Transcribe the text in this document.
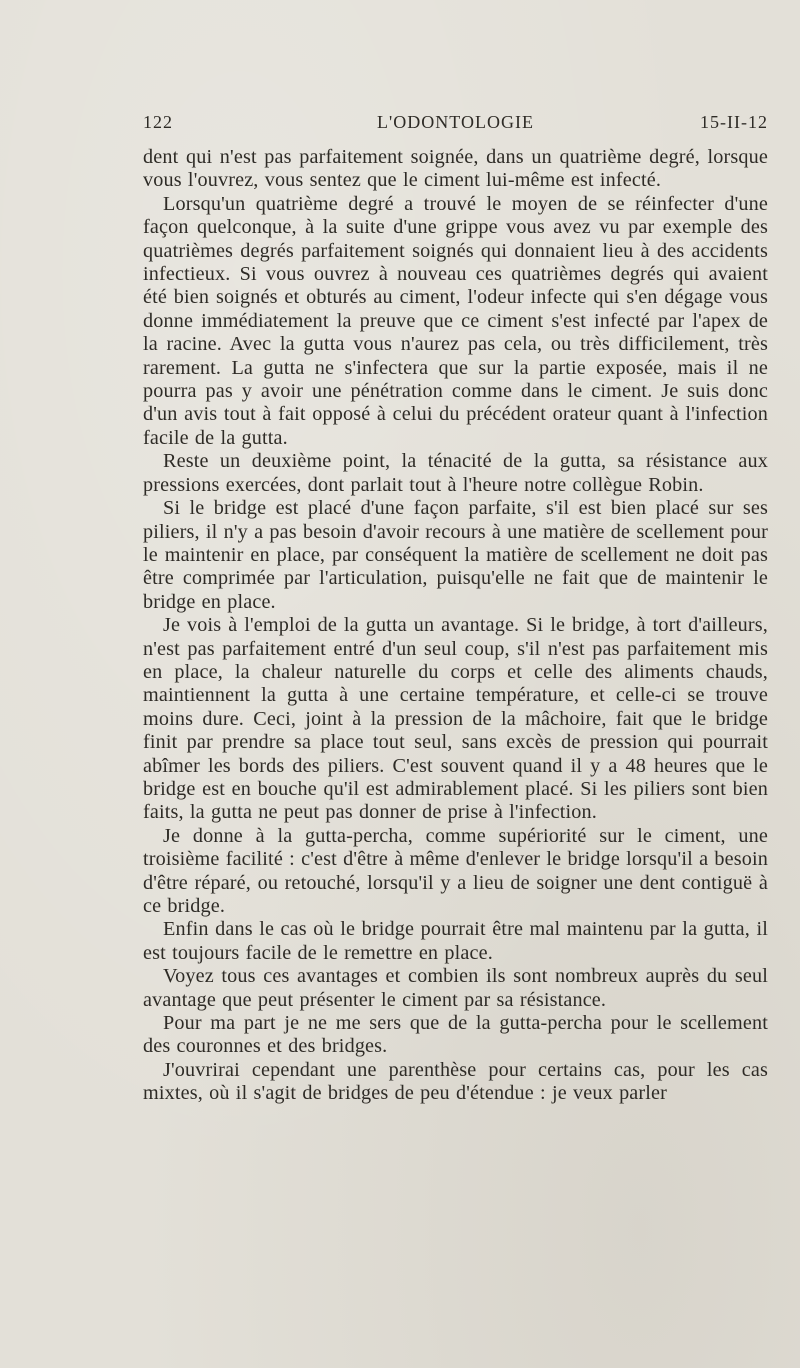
122	L'ODONTOLOGIE	15-II-12

dent qui n'est pas parfaitement soignée, dans un quatrième degré, lorsque vous l'ouvrez, vous sentez que le ciment lui-même est infecté.

Lorsqu'un quatrième degré a trouvé le moyen de se réinfecter d'une façon quelconque, à la suite d'une grippe vous avez vu par exemple des quatrièmes degrés parfaitement soignés qui donnaient lieu à des accidents infectieux. Si vous ouvrez à nouveau ces quatrièmes degrés qui avaient été bien soignés et obturés au ciment, l'odeur infecte qui s'en dégage vous donne immédiatement la preuve que ce ciment s'est infecté par l'apex de la racine. Avec la gutta vous n'aurez pas cela, ou très difficilement, très rarement. La gutta ne s'infectera que sur la partie exposée, mais il ne pourra pas y avoir une pénétration comme dans le ciment. Je suis donc d'un avis tout à fait opposé à celui du précédent orateur quant à l'infection facile de la gutta.

Reste un deuxième point, la ténacité de la gutta, sa résistance aux pressions exercées, dont parlait tout à l'heure notre collègue Robin.

Si le bridge est placé d'une façon parfaite, s'il est bien placé sur ses piliers, il n'y a pas besoin d'avoir recours à une matière de scellement pour le maintenir en place, par conséquent la matière de scellement ne doit pas être comprimée par l'articulation, puisqu'elle ne fait que de maintenir le bridge en place.

Je vois à l'emploi de la gutta un avantage. Si le bridge, à tort d'ailleurs, n'est pas parfaitement entré d'un seul coup, s'il n'est pas parfaitement mis en place, la chaleur naturelle du corps et celle des aliments chauds, maintiennent la gutta à une certaine température, et celle-ci se trouve moins dure. Ceci, joint à la pression de la mâchoire, fait que le bridge finit par prendre sa place tout seul, sans excès de pression qui pourrait abîmer les bords des piliers. C'est souvent quand il y a 48 heures que le bridge est en bouche qu'il est admirablement placé. Si les piliers sont bien faits, la gutta ne peut pas donner de prise à l'infection.

Je donne à la gutta-percha, comme supériorité sur le ciment, une troisième facilité : c'est d'être à même d'enlever le bridge lorsqu'il a besoin d'être réparé, ou retouché, lorsqu'il y a lieu de soigner une dent contiguë à ce bridge.

Enfin dans le cas où le bridge pourrait être mal maintenu par la gutta, il est toujours facile de le remettre en place.

Voyez tous ces avantages et combien ils sont nombreux auprès du seul avantage que peut présenter le ciment par sa résistance.

Pour ma part je ne me sers que de la gutta-percha pour le scellement des couronnes et des bridges.

J'ouvrirai cependant une parenthèse pour certains cas, pour les cas mixtes, où il s'agit de bridges de peu d'étendue : je veux parler
